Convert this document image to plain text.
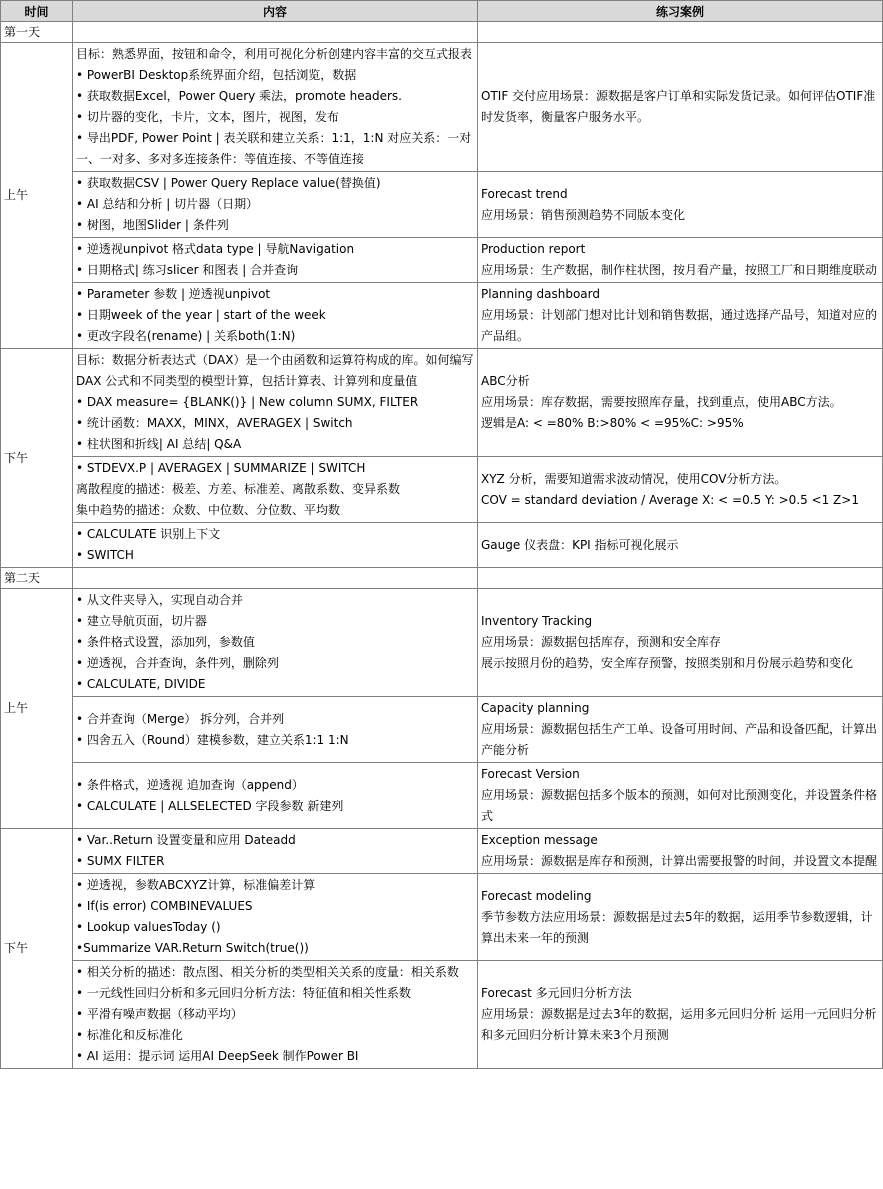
时间	内容	练习案例
第一天		
上午	目标：熟悉界面，按钮和命令，利用可视化分析创建内容丰富的交互式报表
• PowerBI Desktop系统界面介绍，包括浏览，数据
• 获取数据Excel，Power Query 乘法，promote headers.
• 切片器的变化，卡片，文本，图片，视图，发布
• 导出PDF, Power Point | 表关联和建立关系：1:1，1:N 对应关系：一对一、一对多、多对多连接条件：等值连接、不等值连接	OTIF 交付应用场景：源数据是客户订单和实际发货记录。如何评估OTIF准时发货率，衡量客户服务水平。

	• 获取数据CSV | Power Query Replace value(替换值)
• AI 总结和分析 | 切片器（日期）
• 树图，地图Slider | 条件列	Forecast trend
应用场景：销售预测趋势不同版本变化

	• 逆透视unpivot 格式data type | 导航Navigation
• 日期格式| 练习slicer 和图表 | 合并查询	Production report
应用场景：生产数据，制作柱状图，按月看产量，按照工厂和日期维度联动

	• Parameter 参数 | 逆透视unpivot
• 日期week of the year | start of the week
• 更改字段名(rename) | 关系both(1:N)	Planning dashboard
应用场景：计划部门想对比计划和销售数据，通过选择产品号，知道对应的产品组。

下午	目标：数据分析表达式（DAX）是一个由函数和运算符构成的库。如何编写 DAX 公式和不同类型的模型计算，包括计算表、计算列和度量值
• DAX measure= {BLANK()} | New column SUMX, FILTER
• 统计函数：MAXX，MINX，AVERAGEX | Switch
• 柱状图和折线| AI 总结| Q&A	ABC分析
应用场景：库存数据，需要按照库存量，找到重点，使用ABC方法。
逻辑是A: < =80% B:>80% < =95%C: >95%

	• STDEVX.P | AVERAGEX | SUMMARIZE | SWITCH
离散程度的描述：极差、方差、标准差、离散系数、变异系数
集中趋势的描述：众数、中位数、分位数、平均数	XYZ 分析，需要知道需求波动情况，使用COV分析方法。
COV = standard deviation / Average X: < =0.5 Y: >0.5 <1 Z>1

	• CALCULATE 识别上下文
• SWITCH	Gauge 仪表盘：KPI 指标可视化展示

第二天		
上午	• 从文件夹导入，实现自动合并
• 建立导航页面，切片器
• 条件格式设置，添加列，参数值
• 逆透视，合并查询，条件列，删除列
• CALCULATE, DIVIDE	Inventory Tracking
应用场景：源数据包括库存，预测和安全库存
展示按照月份的趋势，安全库存预警，按照类别和月份展示趋势和变化

	• 合并查询（Merge） 拆分列，合并列
• 四舍五入（Round）建模参数，建立关系1:1 1:N	Capacity planning
应用场景：源数据包括生产工单、设备可用时间、产品和设备匹配，计算出产能分析

	• 条件格式，逆透视 追加查询（append）
• CALCULATE | ALLSELECTED 字段参数 新建列	Forecast Version
应用场景：源数据包括多个版本的预测，如何对比预测变化，并设置条件格式

下午	• Var..Return 设置变量和应用 Dateadd
• SUMX FILTER	Exception message
应用场景：源数据是库存和预测，计算出需要报警的时间，并设置文本提醒

	• 逆透视，参数ABCXYZ计算，标准偏差计算
• If(is error) COMBINEVALUES
• Lookup valuesToday ()
•Summarize VAR.Return Switch(true())	Forecast modeling
季节参数方法应用场景：源数据是过去5年的数据，运用季节参数逻辑，计算出未来一年的预测

	• 相关分析的描述：散点图、相关分析的类型相关关系的度量：相关系数
• 一元线性回归分析和多元回归分析方法：特征值和相关性系数
• 平滑有噪声数据（移动平均）
• 标准化和反标准化
• AI 运用：提示词 运用AI DeepSeek 制作Power BI	Forecast 多元回归分析方法
应用场景：源数据是过去3年的数据，运用多元回归分析 运用一元回归分析和多元回归分析计算未来3个月预测
